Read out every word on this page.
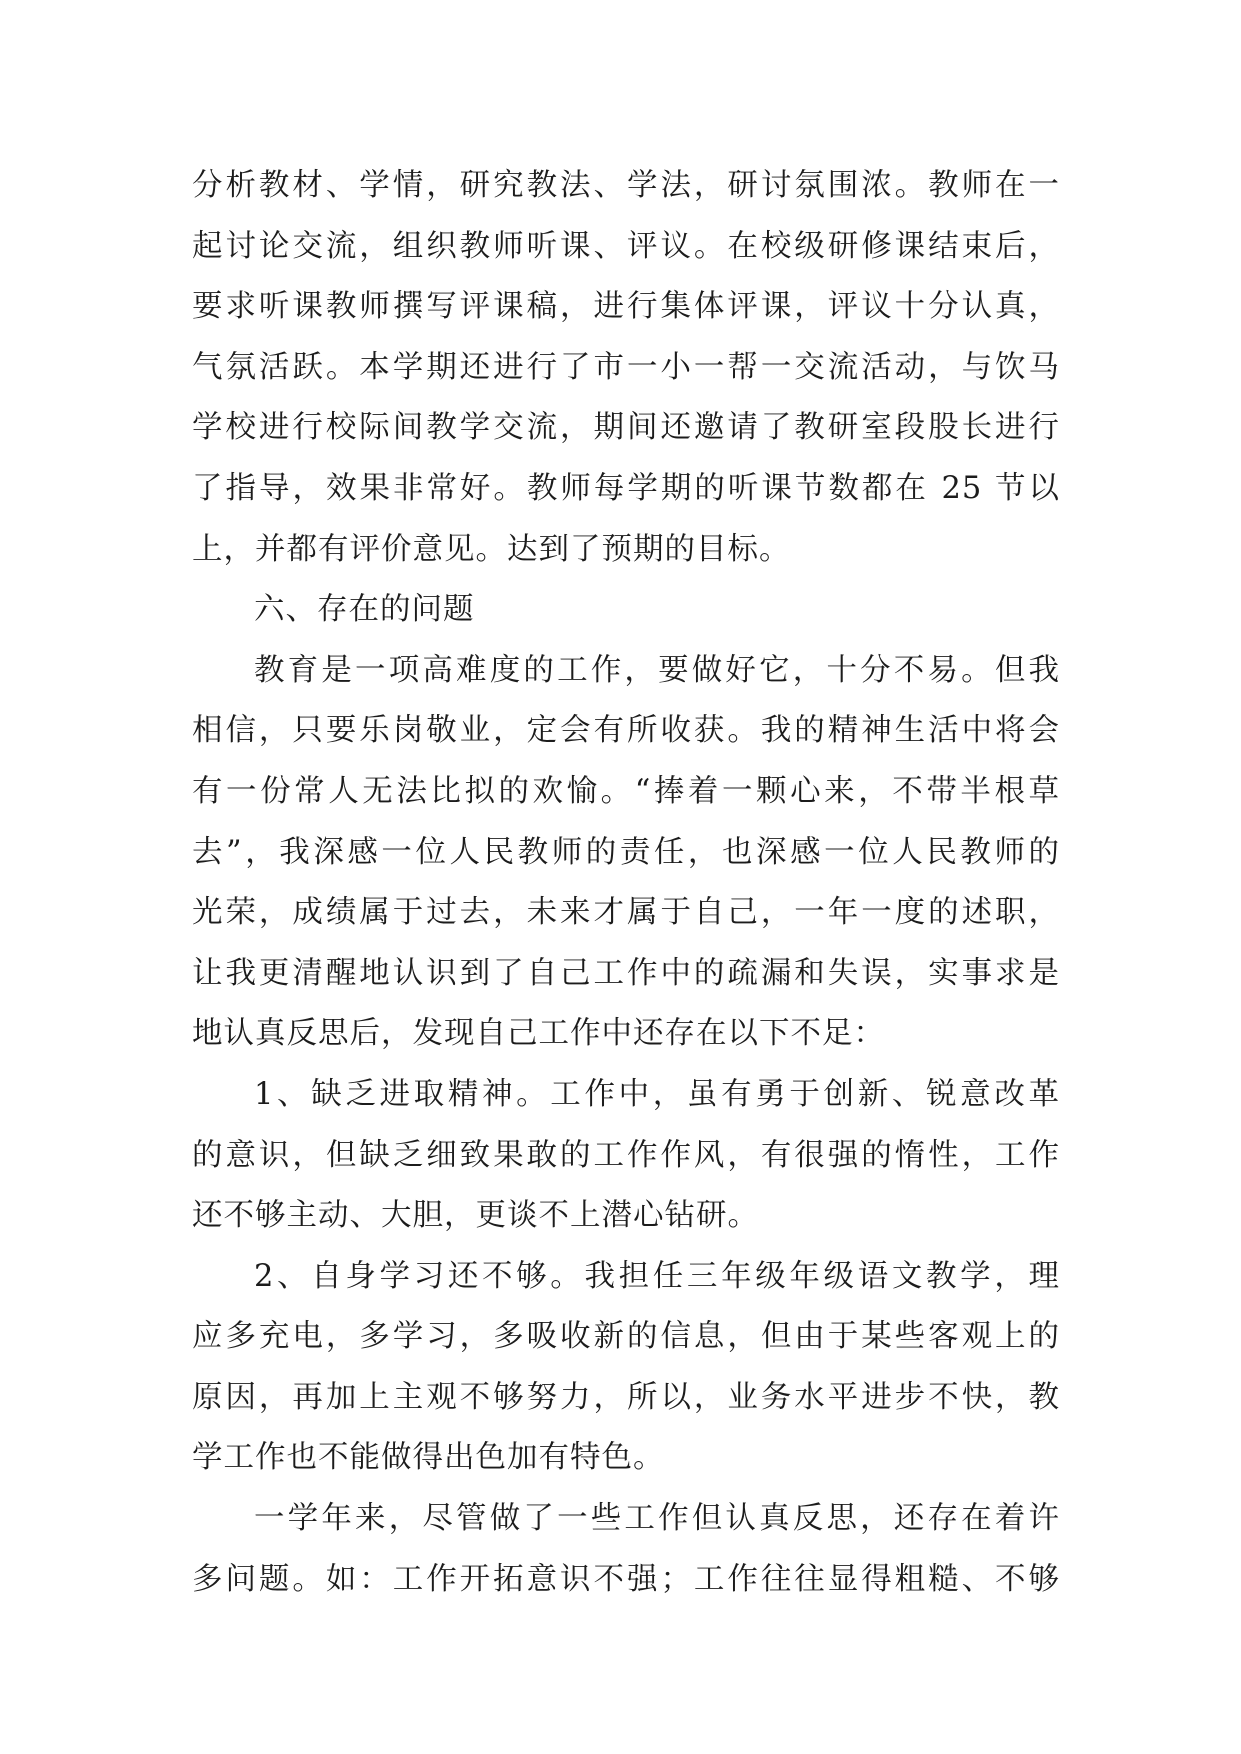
分析教材、学情，研究教法、学法，研讨氛围浓。教师在一
起讨论交流，组织教师听课、评议。在校级研修课结束后，
要求听课教师撰写评课稿，进行集体评课，评议十分认真，
气氛活跃。本学期还进行了市一小一帮一交流活动，与饮马
学校进行校际间教学交流，期间还邀请了教研室段股长进行
了指导，效果非常好。教师每学期的听课节数都在 25 节以
上，并都有评价意见。达到了预期的目标。
六、存在的问题
教育是一项高难度的工作，要做好它，十分不易。但我
相信，只要乐岗敬业，定会有所收获。我的精神生活中将会
有一份常人无法比拟的欢愉。“捧着一颗心来，不带半根草
去”，我深感一位人民教师的责任，也深感一位人民教师的
光荣，成绩属于过去，未来才属于自己，一年一度的述职，
让我更清醒地认识到了自己工作中的疏漏和失误，实事求是
地认真反思后，发现自己工作中还存在以下不足：
1、缺乏进取精神。工作中，虽有勇于创新、锐意改革
的意识，但缺乏细致果敢的工作作风，有很强的惰性，工作
还不够主动、大胆，更谈不上潜心钻研。
2、自身学习还不够。我担任三年级年级语文教学，理
应多充电，多学习，多吸收新的信息，但由于某些客观上的
原因，再加上主观不够努力，所以，业务水平进步不快，教
学工作也不能做得出色加有特色。
一学年来，尽管做了一些工作但认真反思，还存在着许
多问题。如：工作开拓意识不强；工作往往显得粗糙、不够
